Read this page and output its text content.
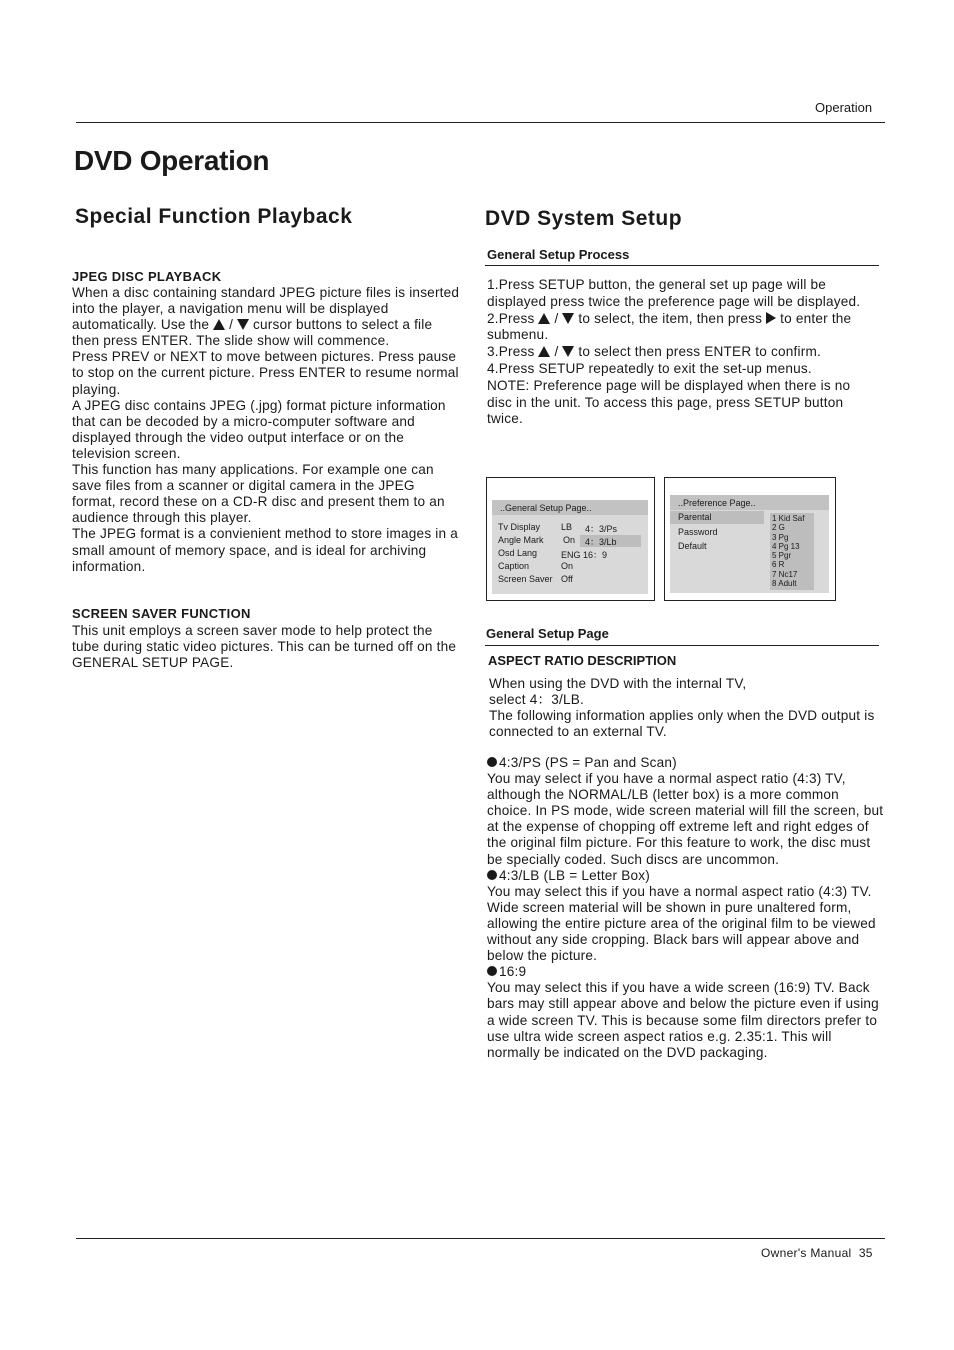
Operation
DVD Operation
Special Function Playback
JPEG DISC PLAYBACK

When a disc containing standard JPEG picture files is inserted into the player, a navigation menu will be displayed automatically. Use the  /  cursor buttons to select a file then press ENTER. The slide show will commence.

Press PREV or NEXT to move between pictures. Press pause to stop on the current picture. Press ENTER to resume normal playing.

A JPEG disc contains JPEG (.jpg) format picture information that can be decoded by a micro-computer software and displayed through the video output interface or on the television screen.

This function has many applications. For example one can save files from a scanner or digital camera in the JPEG format, record these on a CD-R disc and present them to an audience through this player.

The JPEG format is a convienient method to store images in a small amount of memory space, and is ideal for archiving information.

SCREEN SAVER FUNCTION
This unit employs a screen saver mode to help protect the tube during static video pictures. This can be turned off on the GENERAL SETUP PAGE.
DVD System Setup
General Setup Process

1.Press SETUP button, the general set up page will be displayed press twice the preference page will be displayed.

2.Press  /  to select, the item, then press to enter the submenu.

3.Press  /  to select then press ENTER to confirm.

4.Press SETUP repeatedly to exit the set-up menus.

NOTE: Preference page will be displayed when there is no disc in the unit. To access this page, press SETUP button twice.

..General Setup Page..
Tv Display LB 4：3/Ps
Angle Mark On 4：3/Lb
Osd Lang	ENG 16：9
Caption	On
Screen Saver Off
..Preference Page..
Parental
Password
Default
1 Kid Saf
2 G
3 Pg
4 Pg 13
5 Pgr
6 R
7 Nc17
8 Adult
General Setup Page
ASPECT RATIO DESCRIPTION

When using the DVD with the internal TV,

select 4：3/LB.

The following information applies only when the DVD output is connected to an external TV.

4:3/PS (PS = Pan and Scan)

You may select if you have a normal aspect ratio (4:3) TV, although the NORMAL/LB (letter box) is a more common choice. In PS mode, wide screen material will fill the screen, but at the expense of chopping off extreme left and right edges of the original film picture. For this feature to work, the disc must be specially coded. Such discs are uncommon.

4:3/LB (LB = Letter Box)

You may select this if you have a normal aspect ratio (4:3) TV. Wide screen material will be shown in pure unaltered form, allowing the entire picture area of the original film to be viewed without any side cropping. Black bars will appear above and below the picture.

16:9

You may select this if you have a wide screen (16:9) TV. Back bars may still appear above and below the picture even if using a wide screen TV. This is because some film directors prefer to use ultra wide screen aspect ratios e.g. 2.35:1. This will normally be indicated on the DVD packaging.

Owner's Manual 35
